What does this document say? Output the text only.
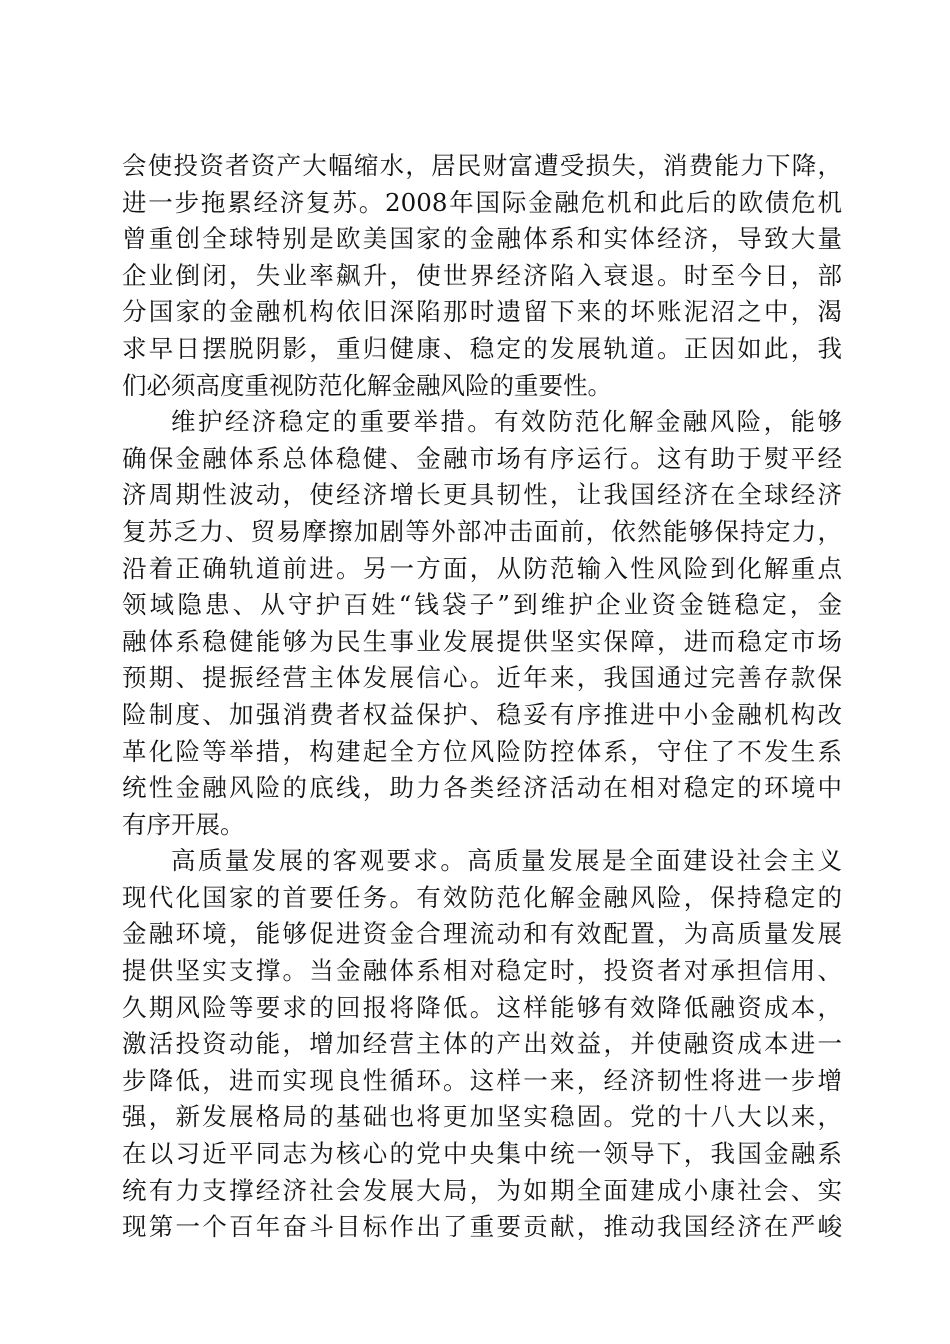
会使投资者资产大幅缩水，居民财富遭受损失，消费能力下降，
进一步拖累经济复苏。2008年国际金融危机和此后的欧债危机
曾重创全球特别是欧美国家的金融体系和实体经济，导致大量
企业倒闭，失业率飙升，使世界经济陷入衰退。时至今日，部
分国家的金融机构依旧深陷那时遗留下来的坏账泥沼之中，渴
求早日摆脱阴影，重归健康、稳定的发展轨道。正因如此，我
们必须高度重视防范化解金融风险的重要性。
维护经济稳定的重要举措。有效防范化解金融风险，能够
确保金融体系总体稳健、金融市场有序运行。这有助于熨平经
济周期性波动，使经济增长更具韧性，让我国经济在全球经济
复苏乏力、贸易摩擦加剧等外部冲击面前，依然能够保持定力，
沿着正确轨道前进。另一方面，从防范输入性风险到化解重点
领域隐患、从守护百姓“钱袋子”到维护企业资金链稳定，金
融体系稳健能够为民生事业发展提供坚实保障，进而稳定市场
预期、提振经营主体发展信心。近年来，我国通过完善存款保
险制度、加强消费者权益保护、稳妥有序推进中小金融机构改
革化险等举措，构建起全方位风险防控体系，守住了不发生系
统性金融风险的底线，助力各类经济活动在相对稳定的环境中
有序开展。
高质量发展的客观要求。高质量发展是全面建设社会主义
现代化国家的首要任务。有效防范化解金融风险，保持稳定的
金融环境，能够促进资金合理流动和有效配置，为高质量发展
提供坚实支撑。当金融体系相对稳定时，投资者对承担信用、
久期风险等要求的回报将降低。这样能够有效降低融资成本，
激活投资动能，增加经营主体的产出效益，并使融资成本进一
步降低，进而实现良性循环。这样一来，经济韧性将进一步增
强，新发展格局的基础也将更加坚实稳固。党的十八大以来，
在以习近平同志为核心的党中央集中统一领导下，我国金融系
统有力支撑经济社会发展大局，为如期全面建成小康社会、实
现第一个百年奋斗目标作出了重要贡献，推动我国经济在严峻
